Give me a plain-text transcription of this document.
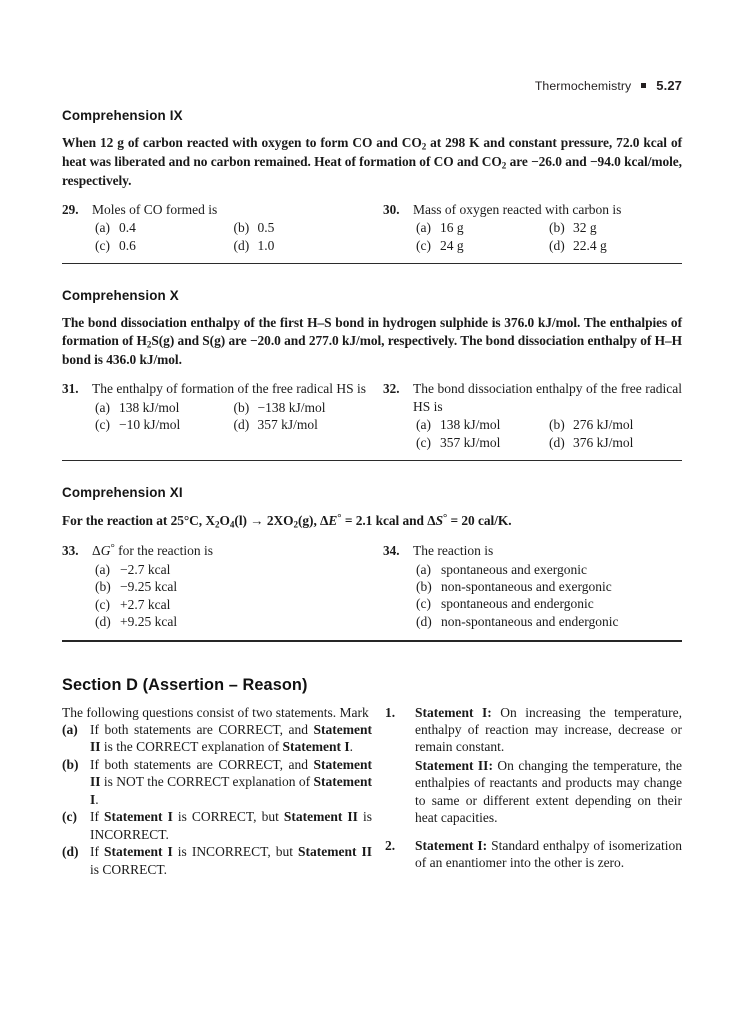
Thermochemistry 5.27
Comprehension IX

When 12 g of carbon reacted with oxygen to form CO and $CO_2$ at 298 K and constant pressure, 72.0 kcal of heat was liberated and no carbon remained. Heat of formation of CO and $CO_2$ are −26.0 and −94.0 kcal/mole, respectively.

29.	Moles of CO formed is
(a) 0.4	(b) 0.5
(c) 0.6	(d) 1.0
30.	Mass of oxygen reacted with carbon is
(a) 16 g	(b) 32 g
(c) 24 g	(d) 22.4 g
Comprehension X

The bond dissociation enthalpy of the first H–S bond in hydrogen sulphide is 376.0 kJ/mol. The enthalpies of formation of $H_2S(g)$ and S(g) are −20.0 and 277.0 kJ/mol, respectively. The bond dissociation enthalpy of H–H bond is 436.0 kJ/mol.

31.	The enthalpy of formation of the free radical HS is
(a) 138 kJ/mol	(b) −138 kJ/mol
(c) −10 kJ/mol	(d) 357 kJ/mol
32.	The bond dissociation enthalpy of the free radical HS is
(a) 138 kJ/mol	(b) 276 kJ/mol
(c) 357 kJ/mol	(d) 376 kJ/mol
Comprehension XI

For the reaction at 25°C, $X_2O_4(l) \to 2XO_2(g)$, ΔE° = 2.1 kcal and ΔS° = 20 cal/K.

33.	ΔG° for the reaction is
(a) −2.7 kcal
(b) −9.25 kcal
(c) +2.7 kcal
(d) +9.25 kcal
34.	The reaction is
(a) spontaneous and exergonic
(b) non-spontaneous and exergonic
(c) spontaneous and endergonic
(d) non-spontaneous and endergonic
Section D (Assertion – Reason)

The following questions consist of two statements. Mark

(a) If both statements are CORRECT, and Statement II is the CORRECT explanation of Statement I.
(b) If both statements are CORRECT, and Statement II is NOT the CORRECT explanation of Statement I.
(c) If Statement I is CORRECT, but Statement II is INCORRECT.
(d) If Statement I is INCORRECT, but Statement II is CORRECT.
1.	Statement I: On increasing the temperature, enthalpy of reaction may increase, decrease or remain constant.

Statement II: On changing the temperature, the enthalpies of reactants and products may change to same or different extent depending on their heat capacities.

2.	Statement I: Standard enthalpy of isomerization of an enantiomer into the other is zero.
